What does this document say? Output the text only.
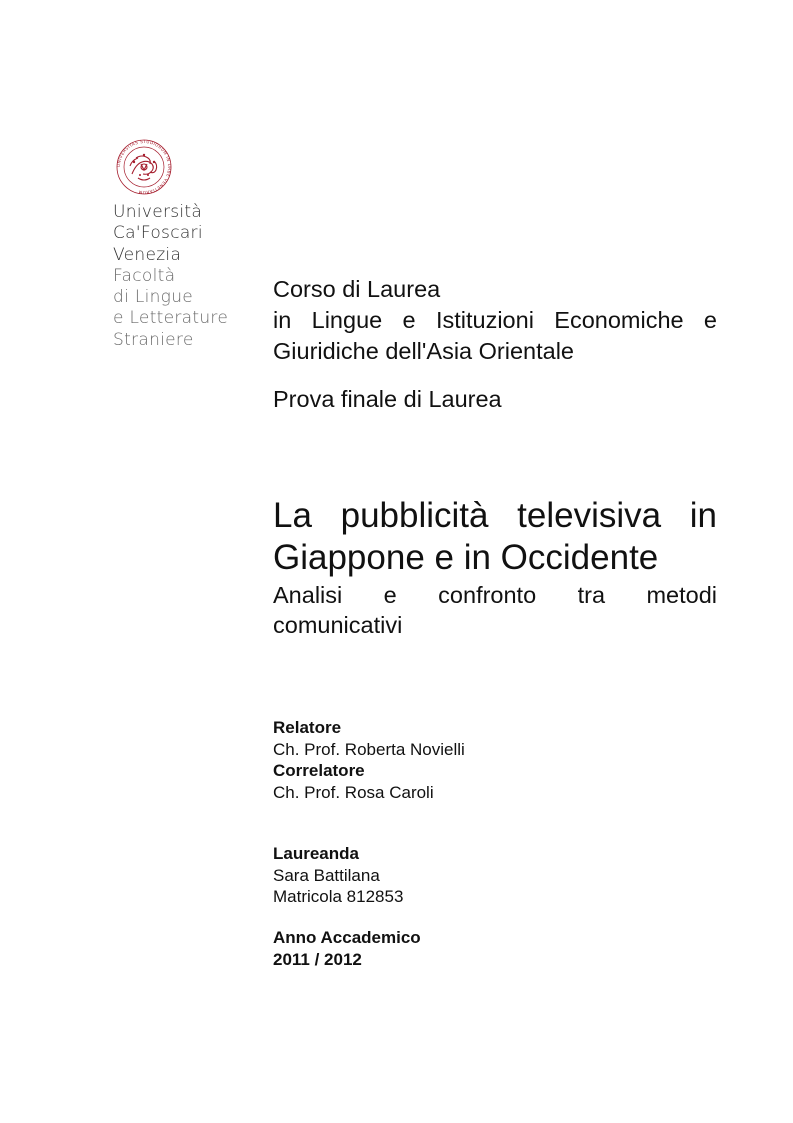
UNIVERSITAS STUDIORUM IN URBE VENETIARUM
Università
Ca'Foscari
Venezia
Facoltà
di Lingue
e Letterature
Straniere
Corso di Laurea
in Lingue e Istituzioni Economiche e
Giuridiche dell'Asia Orientale
Prova finale di Laurea
La pubblicità televisiva in
Giappone e in Occidente
Analisi e confronto tra metodi
comunicativi
Relatore
Ch. Prof. Roberta Novielli
Correlatore
Ch. Prof. Rosa Caroli
Laureanda
Sara Battilana
Matricola 812853
Anno Accademico
2011 / 2012
